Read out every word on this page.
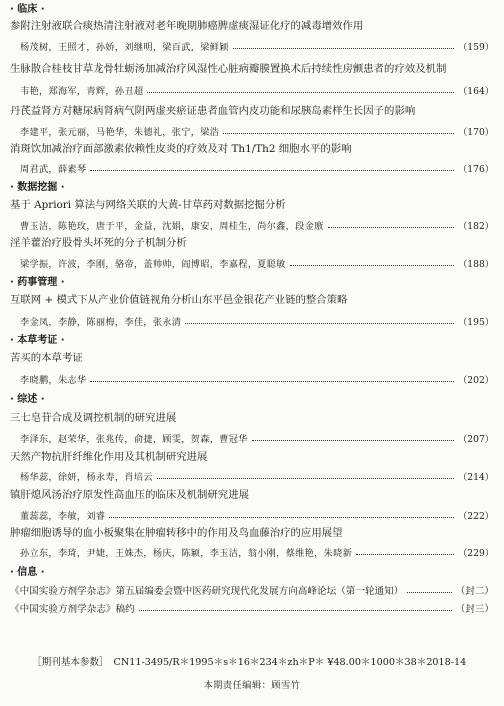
· 临床 ·
参附注射液联合痰热清注射液对老年晚期肺癌脾虚痰湿证化疗的减毒增效作用
杨茂树，王照才，孙娇，刘继明，梁百武，梁鲜颖	（159）
生脉散合桂枝甘草龙骨牡蛎汤加减治疗风湿性心脏病瓣膜置换术后持续性房颤患者的疗效及机制
韦艳，郑海军，青辉，孙丑超	（164）
丹芪益肾方对糖尿病肾病气阴两虚夹瘀证患者血管内皮功能和尿胰岛素样生长因子的影响
李建平，张元丽，马艳华，朱德礼，张宁，梁浩	（170）
消斑饮加减治疗面部激素依赖性皮炎的疗效及对 Th1/Th2 细胞水平的影响
周君武，薛素琴	（176）
· 数据挖掘 ·
基于 Apriori 算法与网络关联的大黄-甘草药对数据挖掘分析
曹玉洁，陈艳玫，唐于平，金益，沈娟，康安，周桂生，尚尔鑫，段金廒	（182）
淫羊藿治疗股骨头坏死的分子机制分析
梁学振，许波，李刚，骆帝，盖帅帅，阎博昭，李嘉程，夏聪敏	（188）
· 药事管理 ·
互联网 + 模式下从产业价值链视角分析山东平邑金银花产业链的整合策略
李金凤，李静，陈丽梅，李佳，张永清	（195）
· 本草考证 ·
苦买的本草考证
李晓鹏，朱志华	（202）
· 综述 ·
三七皂苷合成及调控机制的研究进展
李泽东，赵荣华，张兆传，俞捷，顾雯，贺森，曹冠华	（207）
天然产物抗肝纤维化作用及其机制研究进展
杨华蕊，徐妍，杨永寿，肖培云	（214）
镇肝熄风汤治疗原发性高血压的临床及机制研究进展
董蕊蕊，李敏，刘睿	（222）
肿瘤细胞诱导的血小板聚集在肿瘤转移中的作用及鸟血藤治疗的应用展望
孙立东，李琦，尹婕，王姝杰，杨庆，陈颖，李玉洁，翁小刚，蔡维艳，朱晓新	（229）
· 信息 ·
《中国实验方剂学杂志》第五届编委会暨中医药研究现代化发展方向高峰论坛（第一轮通知）	（封二）
《中国实验方剂学杂志》稿约	（封三）
［期刊基本参数］　CN11-3495/R＊1995＊s＊16＊234＊zh＊P＊ ¥48.00＊1000＊38＊2018-14
本期责任编辑：顾雪竹
